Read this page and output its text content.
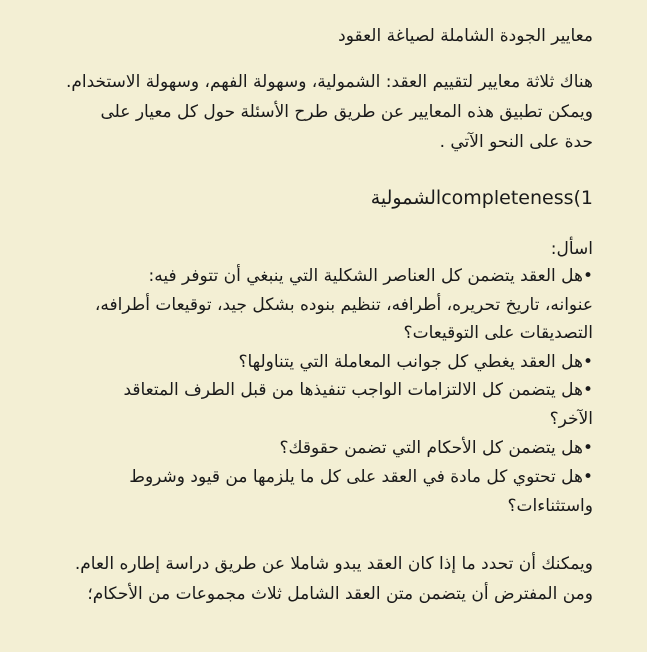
معايير الجودة الشاملة لصياغة العقود
هناك ثلاثة معايير لتقييم العقد: الشمولية، وسهولة الفهم، وسهولة الاستخدام.
ويمكن تطبيق هذه المعايير عن طريق طرح الأسئلة حول كل معيار على
حدة على النحو الآتي .
completeness(1الشمولية
اسأل:
•هل العقد يتضمن كل العناصر الشكلية التي ينبغي أن تتوفر فيه:
عنوانه، تاريخ تحريره، أطرافه، تنظيم بنوده بشكل جيد، توقيعات أطرافه،
التصديقات على التوقيعات؟
•هل العقد يغطي كل جوانب المعاملة التي يتناولها؟
•هل يتضمن كل الالتزامات الواجب تنفيذها من قبل الطرف المتعاقد
الآخر؟
•هل يتضمن كل الأحكام التي تضمن حقوقك؟
•هل تحتوي كل مادة في العقد على كل ما يلزمها من قيود وشروط
واستثناءات؟
ويمكنك أن تحدد ما إذا كان العقد يبدو شاملا عن طريق دراسة إطاره العام.
ومن المفترض أن يتضمن متن العقد الشامل ثلاث مجموعات من الأحكام؛
